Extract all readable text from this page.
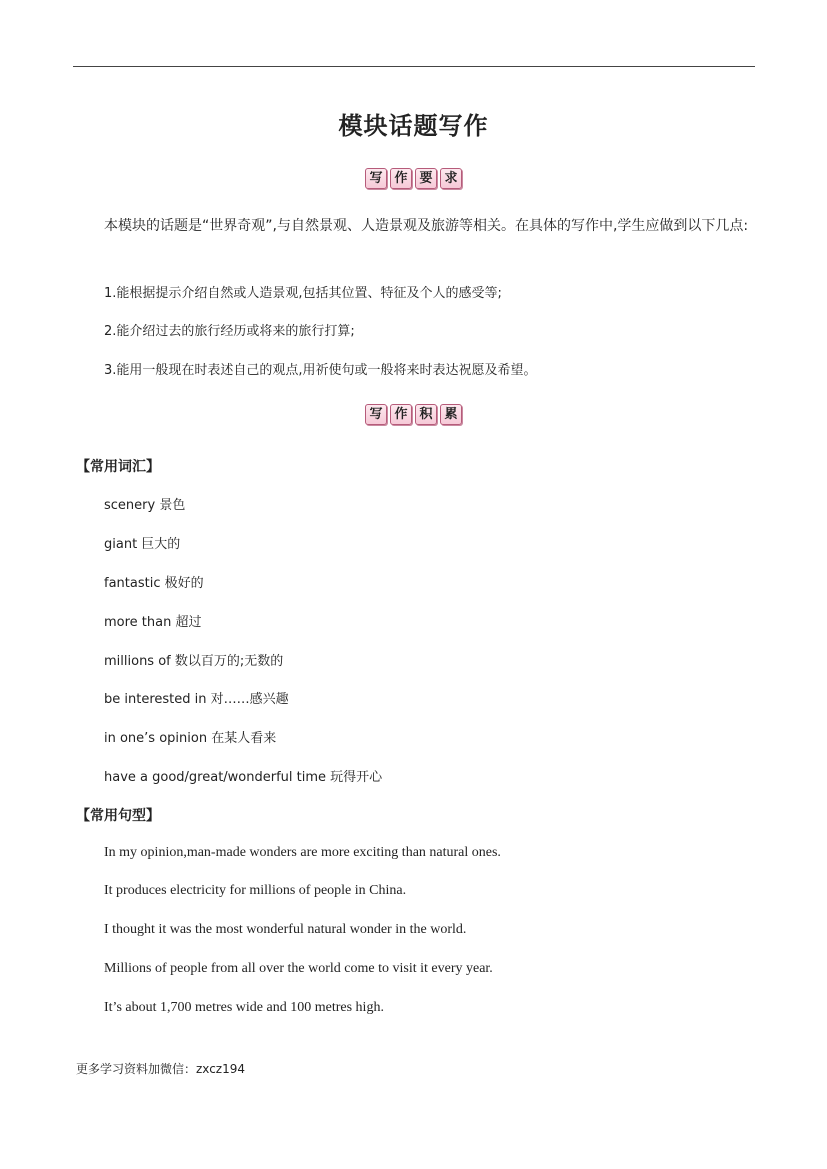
模块话题写作
写 作 要 求
本模块的话题是“世界奇观”,与自然景观、人造景观及旅游等相关。在具体的写作中,学生应做到以下几点:
1.能根据提示介绍自然或人造景观,包括其位置、特征及个人的感受等;
2.能介绍过去的旅行经历或将来的旅行打算;
3.能用一般现在时表述自己的观点,用祈使句或一般将来时表达祝愿及希望。
写 作 积 累
【常用词汇】
scenery 景色
giant 巨大的
fantastic 极好的
more than 超过
millions of 数以百万的;无数的
be interested in 对……感兴趣
in one’s opinion 在某人看来
have a good/great/wonderful time 玩得开心
【常用句型】
In my opinion,man-made wonders are more exciting than natural ones.
It produces electricity for millions of people in China.
I thought it was the most wonderful natural wonder in the world.
Millions of people from all over the world come to visit it every year.
It’s about 1,700 metres wide and 100 metres high.
更多学习资料加微信：zxcz194
